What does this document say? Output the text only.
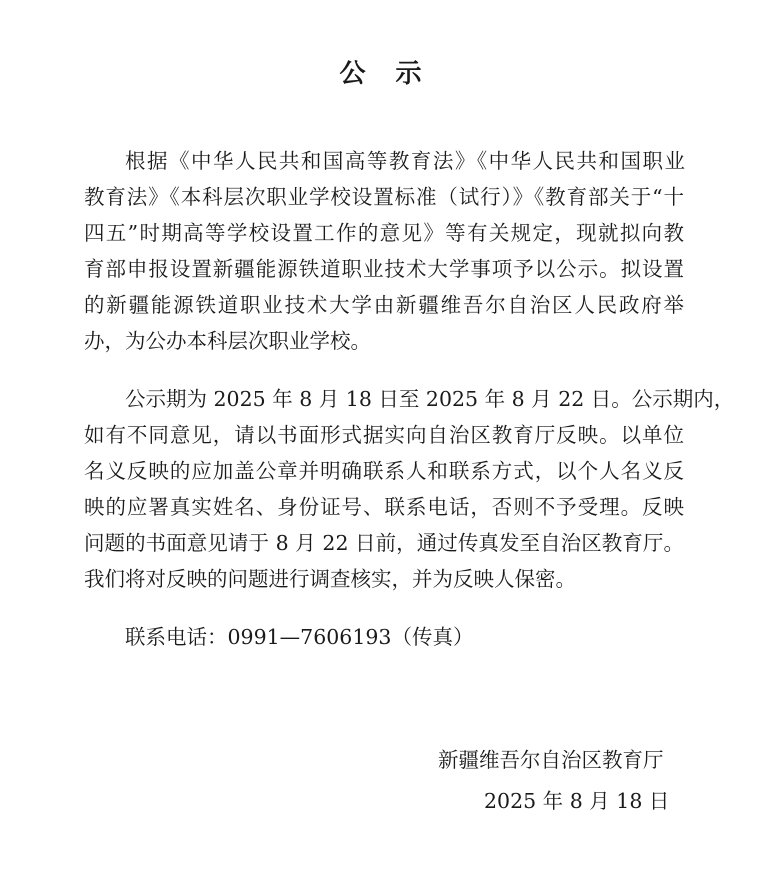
公示
根据《中华人民共和国高等教育法》《中华人民共和国职业
教育法》《本科层次职业学校设置标准（试行）》《教育部关于“十
四五”时期高等学校设置工作的意见》等有关规定，现就拟向教
育部申报设置新疆能源铁道职业技术大学事项予以公示。拟设置
的新疆能源铁道职业技术大学由新疆维吾尔自治区人民政府举
办，为公办本科层次职业学校。
公示期为 2025 年 8 月 18 日至 2025 年 8 月 22 日。公示期内，
如有不同意见，请以书面形式据实向自治区教育厅反映。以单位
名义反映的应加盖公章并明确联系人和联系方式，以个人名义反
映的应署真实姓名、身份证号、联系电话，否则不予受理。反映
问题的书面意见请于 8 月 22 日前，通过传真发至自治区教育厅。
我们将对反映的问题进行调查核实，并为反映人保密。
联系电话：0991—7606193（传真）
新疆维吾尔自治区教育厅
2025 年 8 月 18 日
